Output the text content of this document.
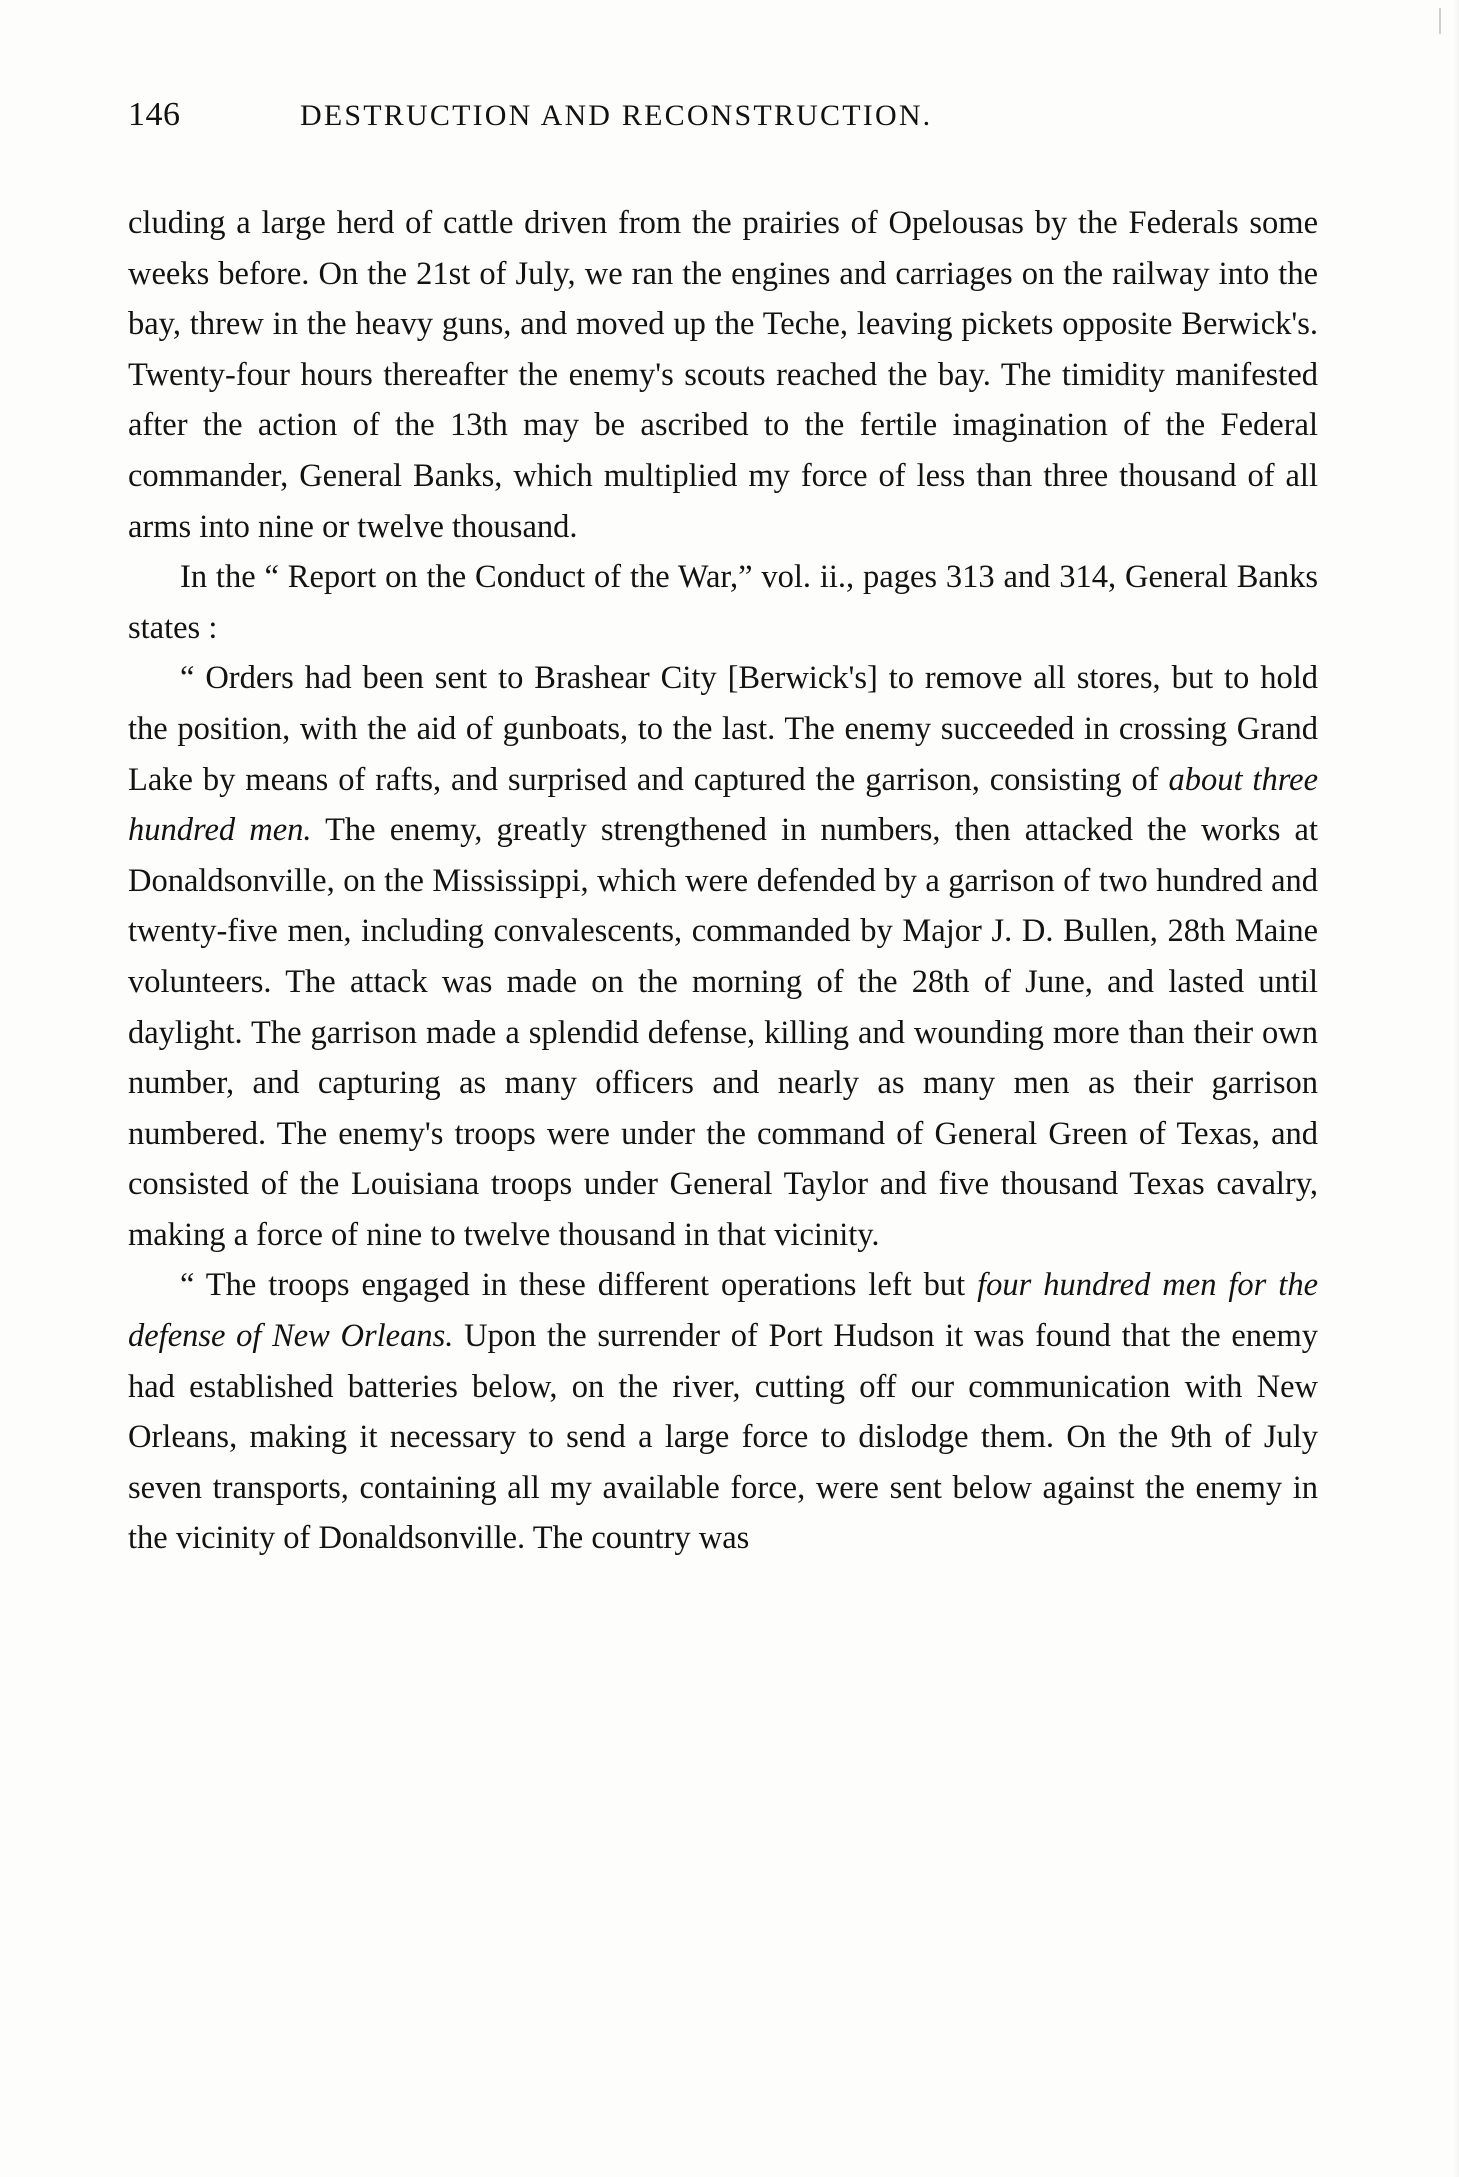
146	DESTRUCTION AND RECONSTRUCTION.

cluding a large herd of cattle driven from the prairies of Opelousas by the Federals some weeks before. On the 21st of July, we ran the engines and carriages on the railway into the bay, threw in the heavy guns, and moved up the Teche, leaving pickets opposite Berwick's. Twenty-four hours thereafter the enemy's scouts reached the bay. The timidity manifested after the action of the 13th may be ascribed to the fertile imagination of the Federal commander, General Banks, which multiplied my force of less than three thousand of all arms into nine or twelve thousand.

In the “ Report on the Conduct of the War,” vol. ii., pages 313 and 314, General Banks states :

“ Orders had been sent to Brashear City [Berwick's] to remove all stores, but to hold the position, with the aid of gunboats, to the last. The enemy succeeded in crossing Grand Lake by means of rafts, and surprised and captured the garrison, consisting of about three hundred men. The enemy, greatly strengthened in numbers, then attacked the works at Donaldsonville, on the Mississippi, which were defended by a garrison of two hundred and twenty-five men, including convalescents, commanded by Major J. D. Bullen, 28th Maine volunteers. The attack was made on the morning of the 28th of June, and lasted until daylight. The garrison made a splendid defense, killing and wounding more than their own number, and capturing as many officers and nearly as many men as their garrison numbered. The enemy's troops were under the command of General Green of Texas, and consisted of the Louisiana troops under General Taylor and five thousand Texas cavalry, making a force of nine to twelve thousand in that vicinity.

“ The troops engaged in these different operations left but four hundred men for the defense of New Orleans. Upon the surrender of Port Hudson it was found that the enemy had established batteries below, on the river, cutting off our communication with New Orleans, making it necessary to send a large force to dislodge them. On the 9th of July seven transports, containing all my available force, were sent below against the enemy in the vicinity of Donaldsonville. The country was
